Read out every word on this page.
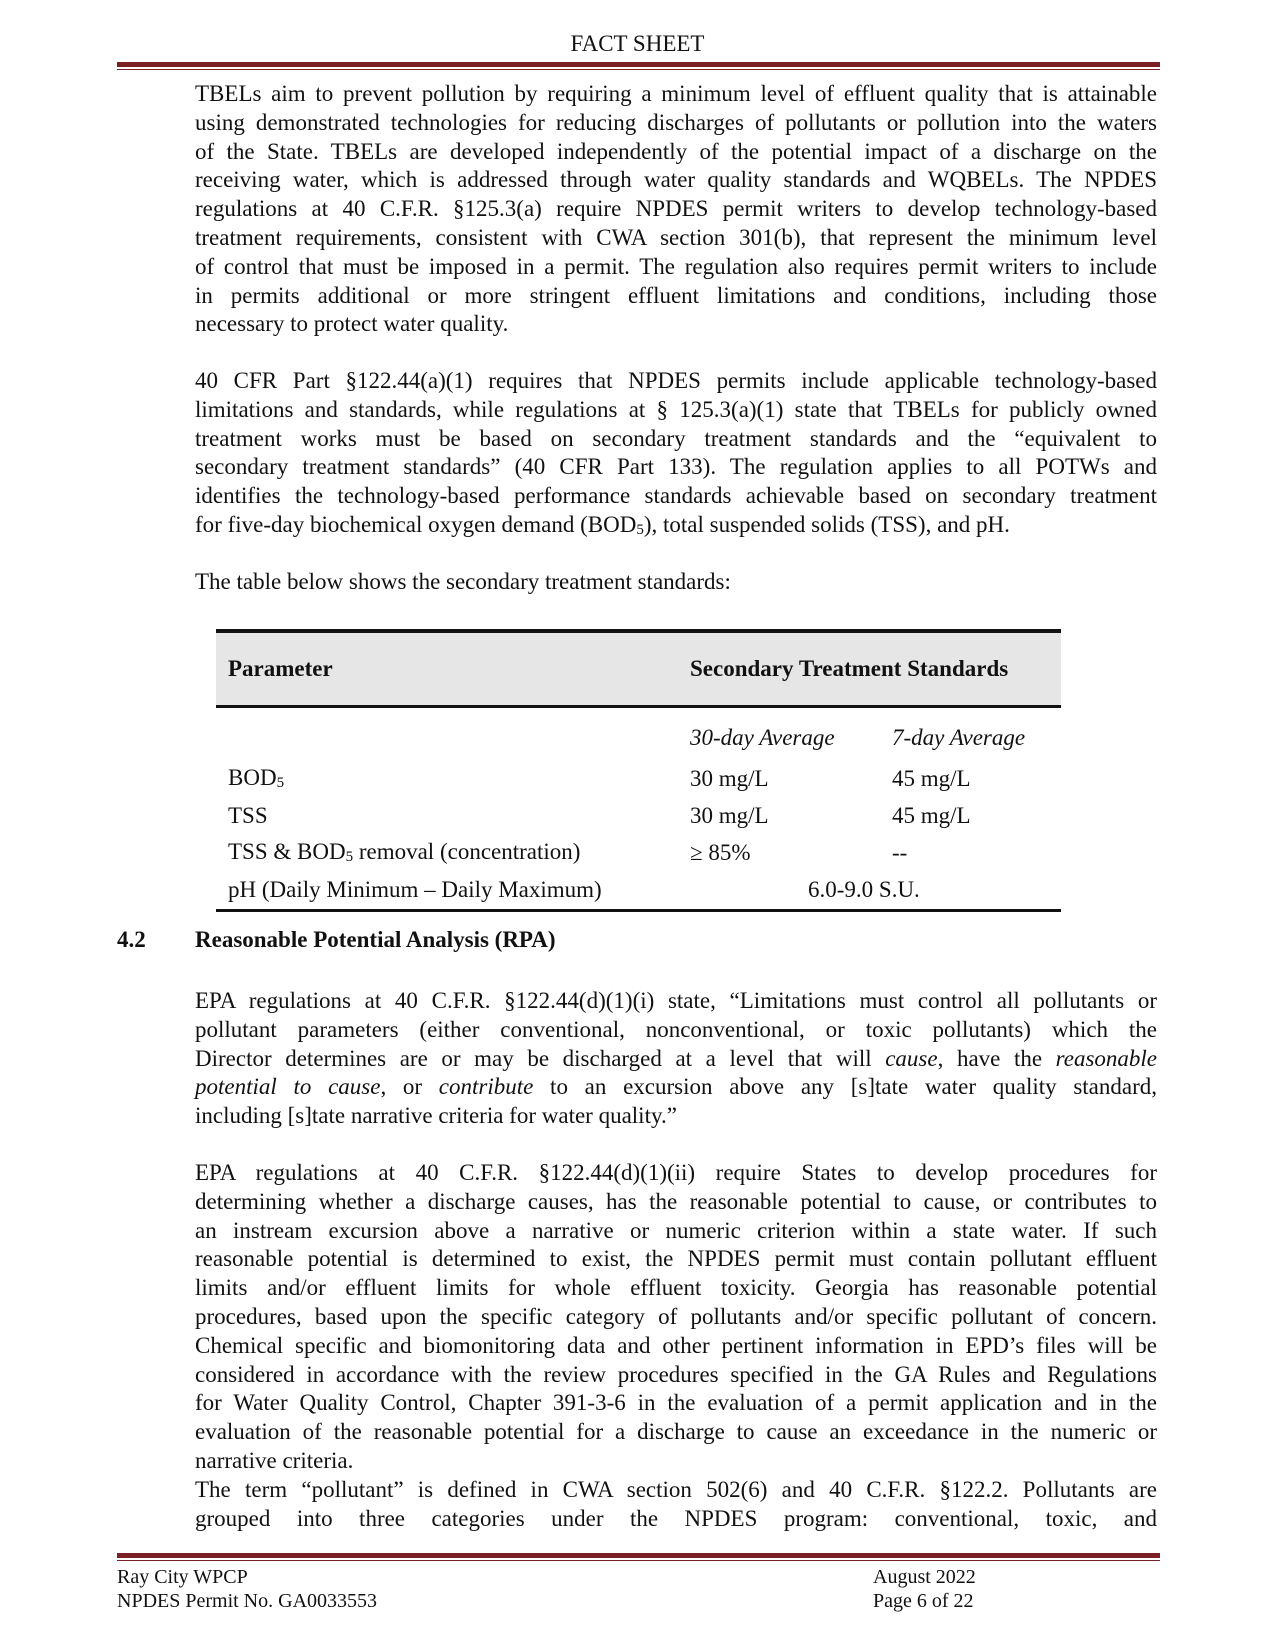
FACT SHEET
TBELs aim to prevent pollution by requiring a minimum level of effluent quality that is attainable
using demonstrated technologies for reducing discharges of pollutants or pollution into the waters
of the State. TBELs are developed independently of the potential impact of a discharge on the
receiving water, which is addressed through water quality standards and WQBELs. The NPDES
regulations at 40 C.F.R. §125.3(a) require NPDES permit writers to develop technology-based
treatment requirements, consistent with CWA section 301(b), that represent the minimum level
of control that must be imposed in a permit. The regulation also requires permit writers to include
in permits additional or more stringent effluent limitations and conditions, including those
necessary to protect water quality.
40 CFR Part §122.44(a)(1) requires that NPDES permits include applicable technology-based
limitations and standards, while regulations at § 125.3(a)(1) state that TBELs for publicly owned
treatment works must be based on secondary treatment standards and the “equivalent to
secondary treatment standards” (40 CFR Part 133). The regulation applies to all POTWs and
identifies the technology-based performance standards achievable based on secondary treatment
for five-day biochemical oxygen demand $(BOD_5)$, total suspended solids (TSS), and pH.
The table below shows the secondary treatment standards:
Parameter	Secondary Treatment Standards	
	30-day Average	7-day Average
$BOD_5$	30 mg/L	45 mg/L
TSS	30 mg/L	45 mg/L
TSS & $BOD_5$ removal (concentration)	≥ 85%	--
pH (Daily Minimum – Daily Maximum)	6.0-9.0 S.U.	
4.2 Reasonable Potential Analysis (RPA)
EPA regulations at 40 C.F.R. §122.44(d)(1)(i) state, “Limitations must control all pollutants or
pollutant parameters (either conventional, nonconventional, or toxic pollutants) which the
Director determines are or may be discharged at a level that will cause, have the reasonable
potential to cause, or contribute to an excursion above any [s]tate water quality standard,
including [s]tate narrative criteria for water quality.”
EPA regulations at 40 C.F.R. §122.44(d)(1)(ii) require States to develop procedures for
determining whether a discharge causes, has the reasonable potential to cause, or contributes to
an instream excursion above a narrative or numeric criterion within a state water. If such
reasonable potential is determined to exist, the NPDES permit must contain pollutant effluent
limits and/or effluent limits for whole effluent toxicity. Georgia has reasonable potential
procedures, based upon the specific category of pollutants and/or specific pollutant of concern.
Chemical specific and biomonitoring data and other pertinent information in EPD’s files will be
considered in accordance with the review procedures specified in the GA Rules and Regulations
for Water Quality Control, Chapter 391-3-6 in the evaluation of a permit application and in the
evaluation of the reasonable potential for a discharge to cause an exceedance in the numeric or
narrative criteria.
The term “pollutant” is defined in CWA section 502(6) and 40 C.F.R. §122.2. Pollutants are
grouped into three categories under the NPDES program: conventional, toxic, and
Ray City WPCP
NPDES Permit No. GA0033553
August 2022
Page 6 of 22
